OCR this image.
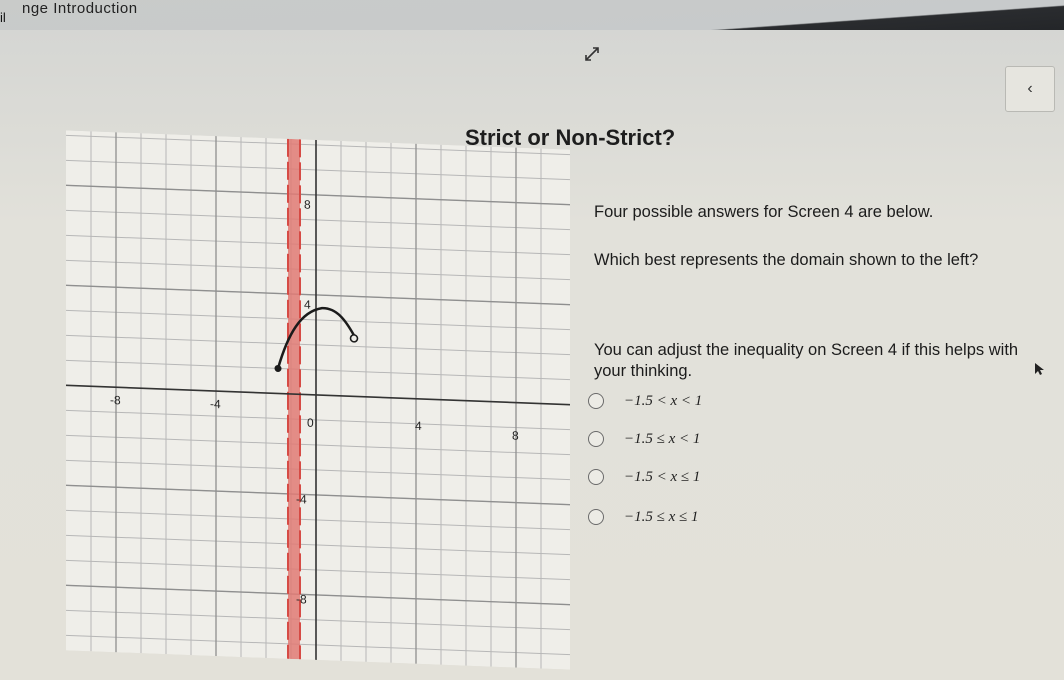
il
nge Introduction
‹
Strict or Non-Strict?
-8	-4
0	4
8
8
4
-4
-8
Four possible answers for Screen 4 are below.
Which best represents the domain shown to the left?
You can adjust the inequality on Screen 4 if this helps with your thinking.
−1.5 < x < 1
−1.5 ≤ x < 1
−1.5 < x ≤ 1
−1.5 ≤ x ≤ 1
